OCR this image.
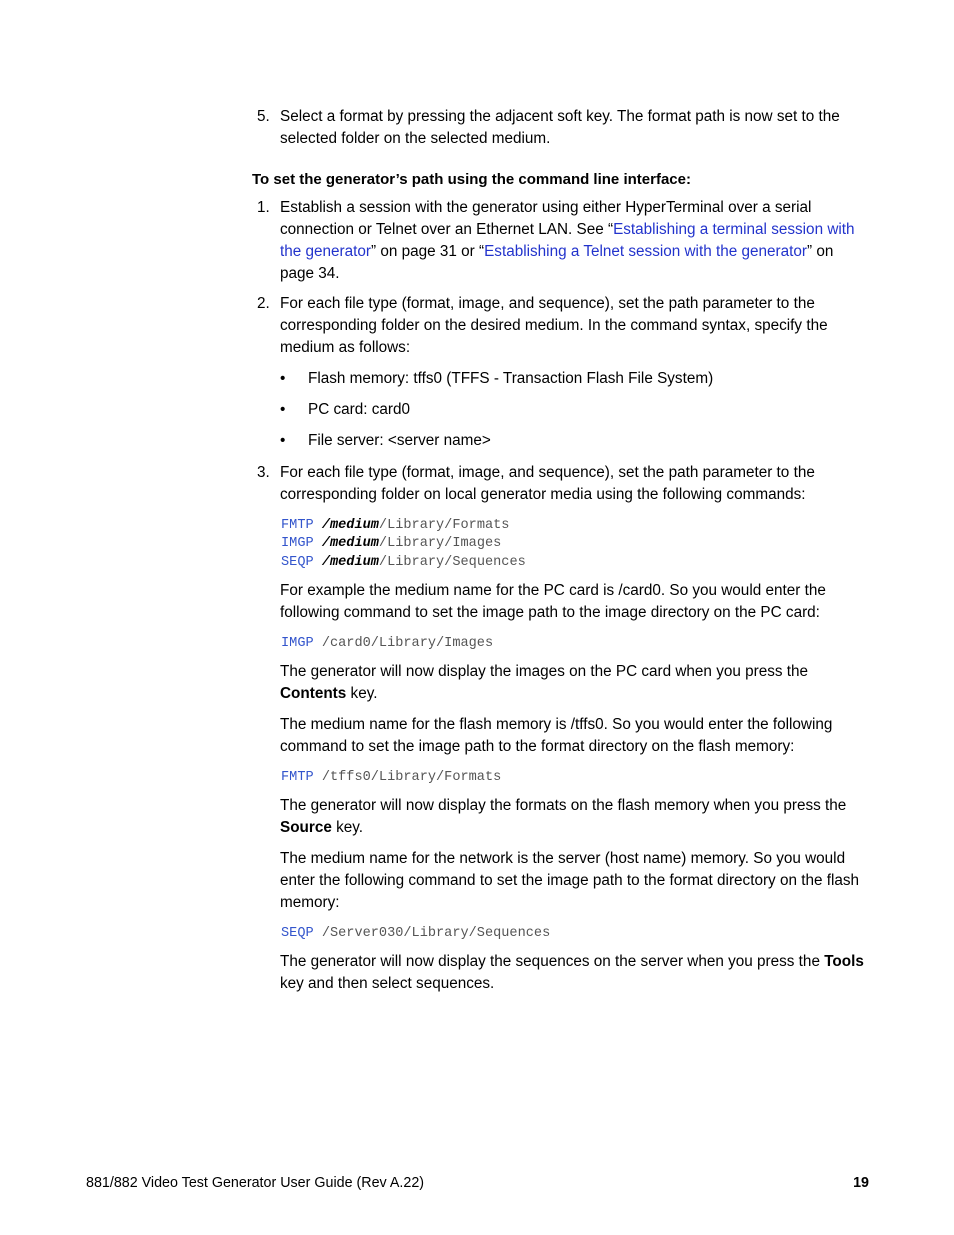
5. Select a format by pressing the adjacent soft key. The format path is now set to the selected folder on the selected medium.
To set the generator’s path using the command line interface:
1. Establish a session with the generator using either HyperTerminal over a serial connection or Telnet over an Ethernet LAN. See “Establishing a terminal session with the generator” on page 31 or “Establishing a Telnet session with the generator” on page 34.
2. For each file type (format, image, and sequence), set the path parameter to the corresponding folder on the desired medium. In the command syntax, specify the medium as follows:
• Flash memory: tffs0 (TFFS - Transaction Flash File System)
• PC card: card0
• File server: <server name>
3. For each file type (format, image, and sequence), set the path parameter to the corresponding folder on local generator media using the following commands:
FMTP /medium/Library/Formats
IMGP /medium/Library/Images
SEQP /medium/Library/Sequences
For example the medium name for the PC card is /card0. So you would enter the following command to set the image path to the image directory on the PC card:
IMGP /card0/Library/Images
The generator will now display the images on the PC card when you press the Contents key.
The medium name for the flash memory is /tffs0. So you would enter the following command to set the image path to the format directory on the flash memory:
FMTP /tffs0/Library/Formats
The generator will now display the formats on the flash memory when you press the Source key.
The medium name for the network is the server (host name) memory. So you would enter the following command to set the image path to the format directory on the flash memory:
SEQP /Server030/Library/Sequences
The generator will now display the sequences on the server when you press the Tools key and then select sequences.
881/882 Video Test Generator User Guide (Rev A.22)	19
